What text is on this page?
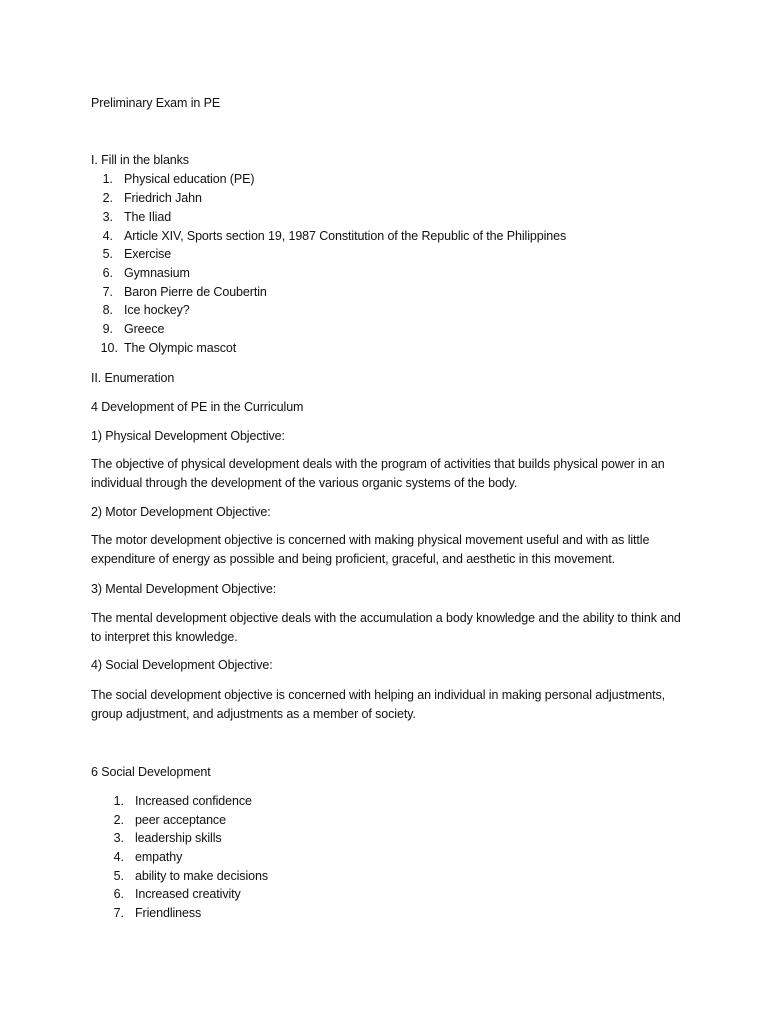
Preliminary Exam in PE
I. Fill in the blanks
1. Physical education (PE)
2. Friedrich Jahn
3. The Iliad
4. Article XIV, Sports section 19, 1987 Constitution of the Republic of the Philippines
5. Exercise
6. Gymnasium
7. Baron Pierre de Coubertin
8. Ice hockey?
9. Greece
10. The Olympic mascot
II. Enumeration
4 Development of PE in the Curriculum
1) Physical Development Objective:
The objective of physical development deals with the program of activities that builds physical power in an individual through the development of the various organic systems of the body.
2) Motor Development Objective:
The motor development objective is concerned with making physical movement useful and with as little expenditure of energy as possible and being proficient, graceful, and aesthetic in this movement.
3) Mental Development Objective:
The mental development objective deals with the accumulation a body knowledge and the ability to think and to interpret this knowledge.
4) Social Development Objective:
The social development objective is concerned with helping an individual in making personal adjustments, group adjustment, and adjustments as a member of society.
6 Social Development
1. Increased confidence
2. peer acceptance
3. leadership skills
4. empathy
5. ability to make decisions
6. Increased creativity
7. Friendliness
